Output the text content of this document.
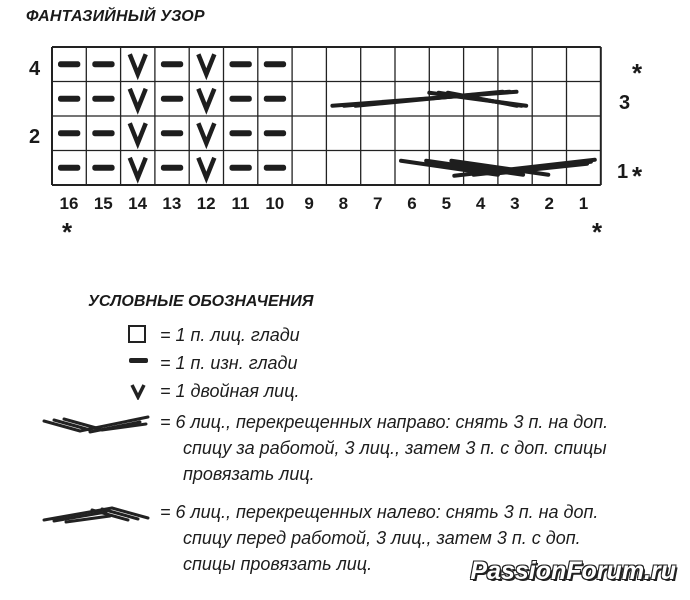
ФАНТАЗИЙНЫЙ УЗОР
4
2
3
1
*
*
*	*
16 15 14 13 12 11 10	9	8	7	6	5	4	3	2	1
УСЛОВНЫЕ ОБОЗНАЧЕНИЯ
= 1 п. лиц. глади
= 1 п. изн. глади
= 1 двойная лиц.
= 6 лиц., перекрещенных направо: снять 3 п. на доп.
спицу за работой, 3 лиц., затем 3 п. с доп. спицы
провязать лиц.
= 6 лиц., перекрещенных налево: снять 3 п. на доп.
спицу перед работой, 3 лиц., затем 3 п. с доп.
спицы провязать лиц.	PassionForum.ru
